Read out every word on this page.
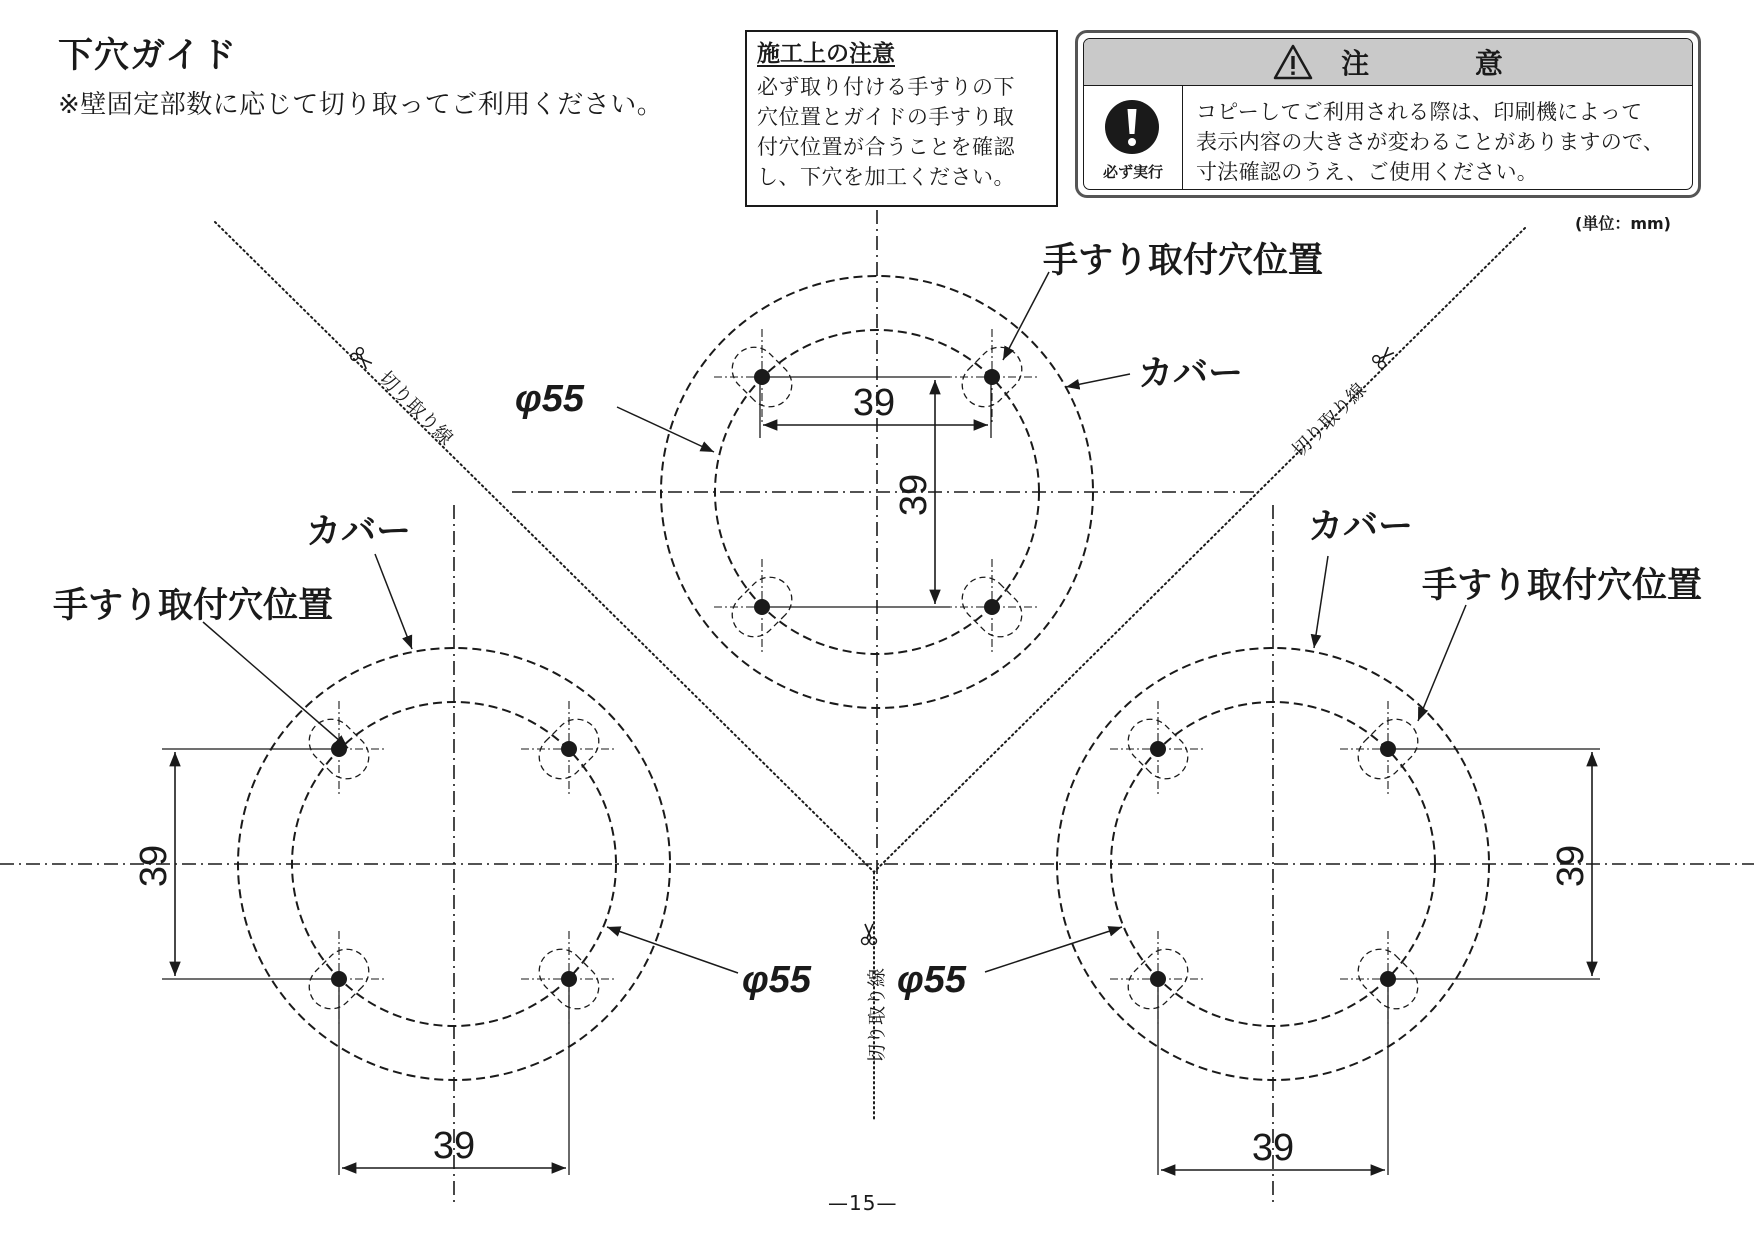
39
39
39
39
39
39
手すり取付穴位置
カバー
φ55
カバー
手すり取付穴位置
φ55 φ55
カバー
手すり取付穴位置
切り取り線	切り取り線
切り取り線
下穴ガイド
※壁固定部数に応じて切り取ってご利用ください。
施工上の注意
必ず取り付ける手すりの下
穴位置とガイドの手すり取
付穴位置が合うことを確認
し、下穴を加工ください。
注 意
必ず実行
コピーしてご利用される際は、印刷機によって
表示内容の大きさが変わることがありますので、
寸法確認のうえ、ご使用ください。
(単位：mm)
—15—
